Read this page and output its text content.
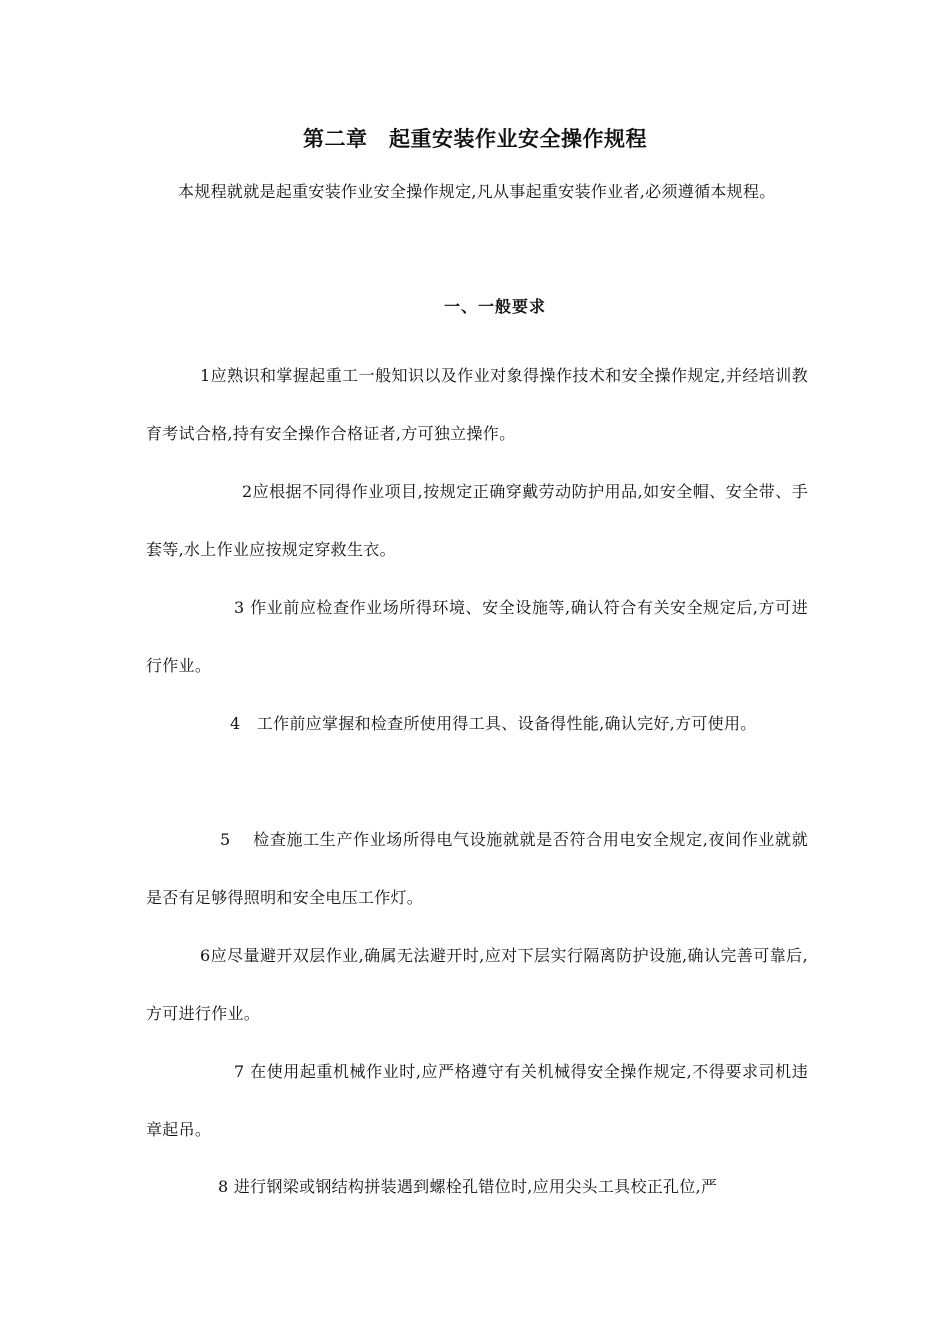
第二章　起重安装作业安全操作规程

本规程就就是起重安装作业安全操作规定,凡从事起重安装作业者,必须遵循本规程。

一、一般要求

1应熟识和掌握起重工一般知识以及作业对象得操作技术和安全操作规定,并经培训教育考试合格,持有安全操作合格证者,方可独立操作。

2应根据不同得作业项目,按规定正确穿戴劳动防护用品,如安全帽、安全带、手套等,水上作业应按规定穿救生衣。

3 作业前应检查作业场所得环境、安全设施等,确认符合有关安全规定后,方可进行作业。

4　工作前应掌握和检查所使用得工具、设备得性能,确认完好,方可使用。

5　 检查施工生产作业场所得电气设施就就是否符合用电安全规定,夜间作业就就是否有足够得照明和安全电压工作灯。

6应尽量避开双层作业,确属无法避开时,应对下层实行隔离防护设施,确认完善可靠后,方可进行作业。

7 在使用起重机械作业时,应严格遵守有关机械得安全操作规定,不得要求司机违章起吊。

8 进行钢梁或钢结构拼装遇到螺栓孔错位时,应用尖头工具校正孔位,严
